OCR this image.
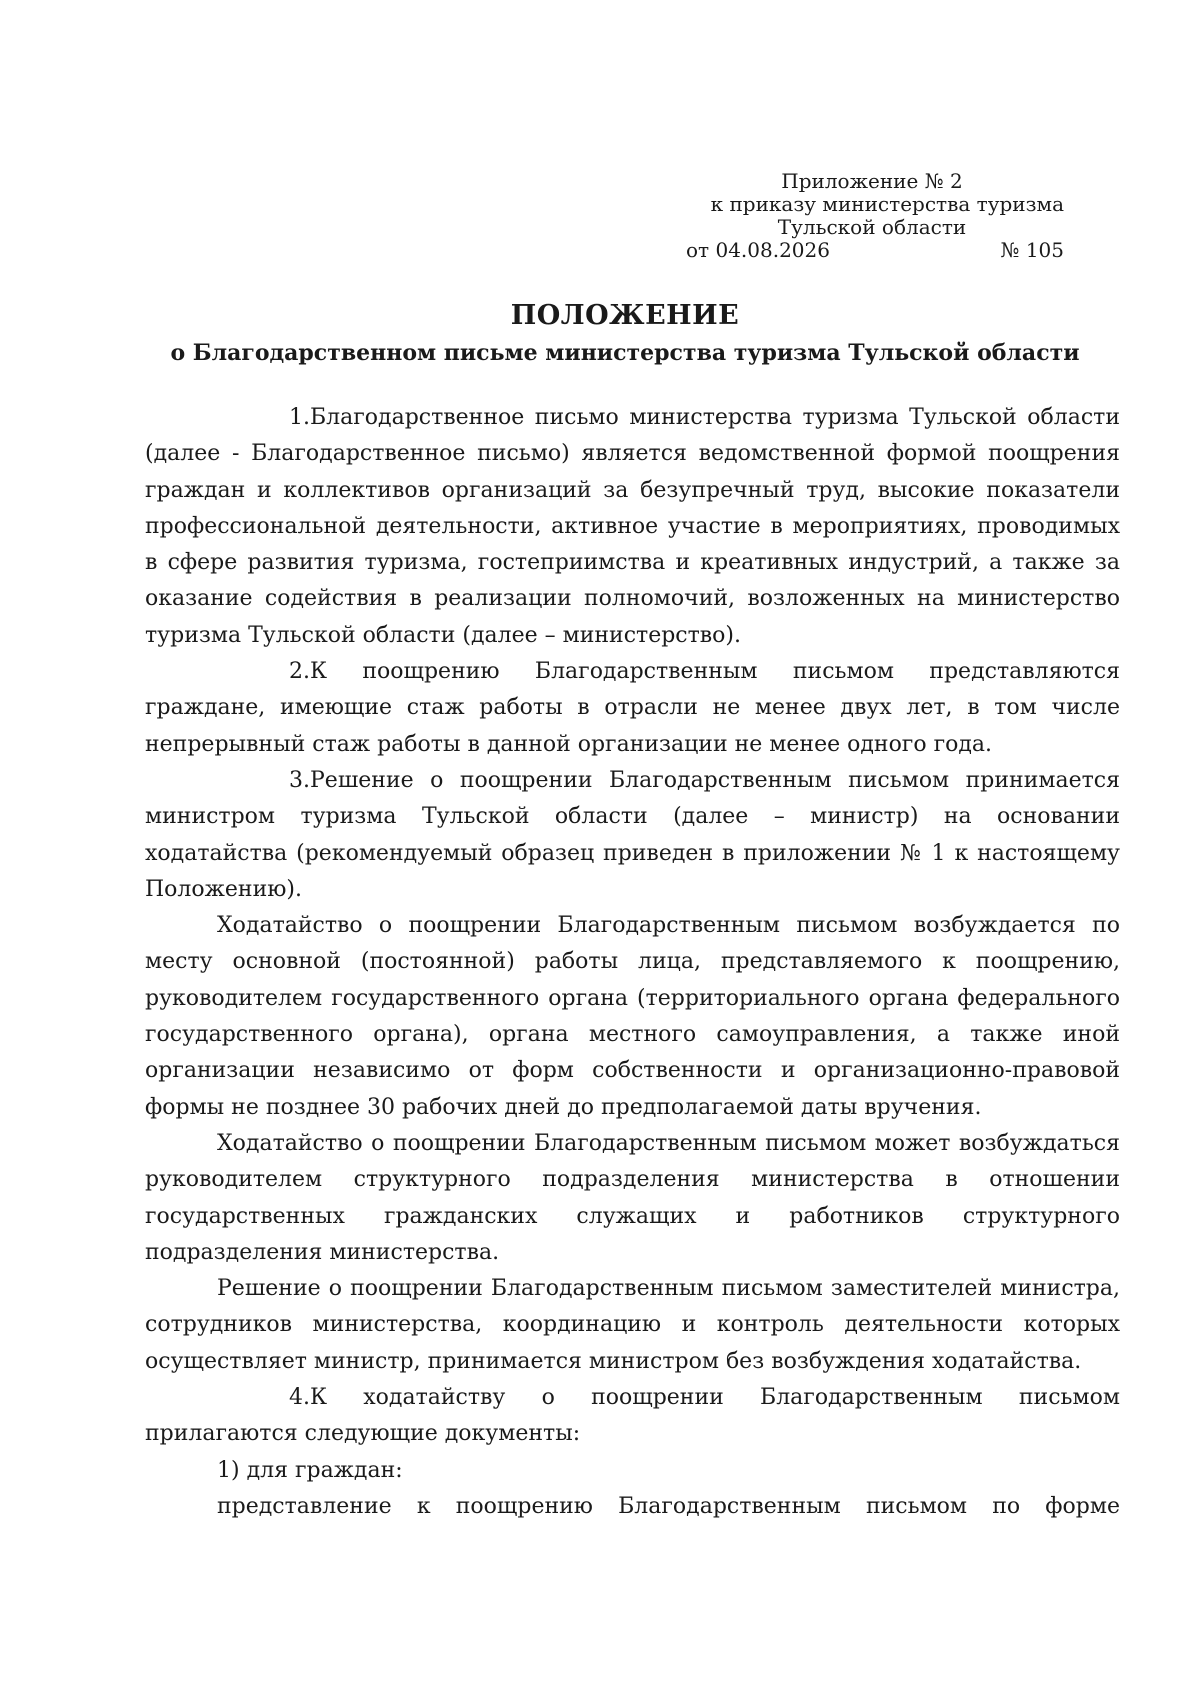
Приложение № 2
к приказу министерства туризма
Тульской области
от 04.08.2026	№ 105
ПОЛОЖЕНИЕ
о Благодарственном письме министерства туризма Тульской области

1.Благодарственное письмо министерства туризма Тульской области (далее - Благодарственное письмо) является ведомственной формой поощрения граждан и коллективов организаций за безупречный труд, высокие показатели профессиональной деятельности, активное участие в мероприятиях, проводимых в сфере развития туризма, гостеприимства и креативных индустрий, а также за оказание содействия в реализации полномочий, возложенных на министерство туризма Тульской области (далее – министерство).

2.К поощрению Благодарственным письмом представляются граждане, имеющие стаж работы в отрасли не менее двух лет, в том числе непрерывный стаж работы в данной организации не менее одного года.

3.Решение о поощрении Благодарственным письмом принимается министром туризма Тульской области (далее – министр) на основании ходатайства (рекомендуемый образец приведен в приложении № 1 к настоящему Положению).

Ходатайство о поощрении Благодарственным письмом возбуждается по месту основной (постоянной) работы лица, представляемого к поощрению, руководителем государственного органа (территориального органа федерального государственного органа), органа местного самоуправления, а также иной организации независимо от форм собственности и организационно-правовой формы не позднее 30 рабочих дней до предполагаемой даты вручения.

Ходатайство о поощрении Благодарственным письмом может возбуждаться руководителем структурного подразделения министерства в отношении государственных гражданских служащих и работников структурного подразделения министерства.

Решение о поощрении Благодарственным письмом заместителей министра, сотрудников министерства, координацию и контроль деятельности которых осуществляет министр, принимается министром без возбуждения ходатайства.

4.К ходатайству о поощрении Благодарственным письмом прилагаются следующие документы:

1) для граждан:

представление к поощрению Благодарственным письмом по форме
